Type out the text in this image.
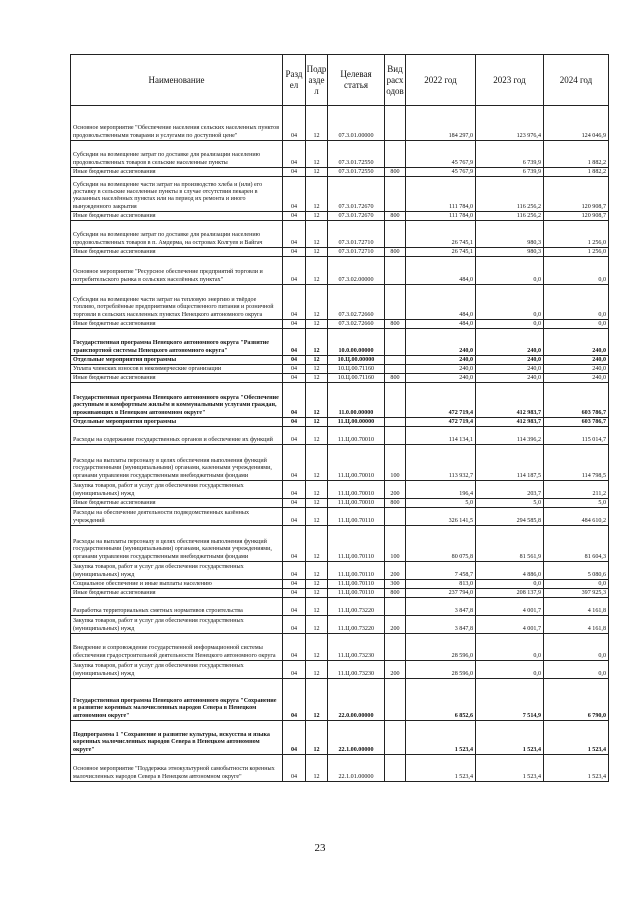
Наименование	Разд ел	Подр азде л	Целевая статья	Вид расх одов	2022 год	2023 год	2024 год
Основное мероприятие "Обеспечение населения сельских населенных пунктов продовольственными товарами и услугами по доступной цене"	04	12	07.3.01.00000		184 297,0	123 976,4	124 046,9
Субсидии на возмещение затрат по доставке для реализации населению продовольственных товаров в сельские населенные пункты	04	12	07.3.01.72550		45 767,9	6 739,9	1 882,2
Иные бюджетные ассигнования	04	12	07.3.01.72550	800	45 767,9	6 739,9	1 882,2
Субсидии на возмещение части затрат на производство хлеба и (или) его доставку в сельские населенные пункты в случае отсутствия пекарен в указанных населённых пунктах или на период их ремонта и иного вынужденного закрытия	04	12	07.3.01.72670		111 784,0	116 256,2	120 908,7
Иные бюджетные ассигнования	04	12	07.3.01.72670	800	111 784,0	116 256,2	120 908,7
Субсидии на возмещение затрат по доставке для реализации населению продовольственных товаров в п. Амдерма, на островах Колгуев и Вайгач	04	12	07.3.01.72710		26 745,1	980,3	1 256,0
Иные бюджетные ассигнования	04	12	07.3.01.72710	800	26 745,1	980,3	1 256,0
Основное мероприятие "Ресурсное обеспечение предприятий торговли и потребительского рынка в сельских населённых пунктах"	04	12	07.3.02.00000		484,0	0,0	0,0
Субсидии на возмещение части затрат на тепловую энергию и твёрдое топливо, потреблённые предприятиями общественного питания и розничной торговли в сельских населенных пунктах Ненецкого автономного округа	04	12	07.3.02.72660		484,0	0,0	0,0
Иные бюджетные ассигнования	04	12	07.3.02.72660	800	484,0	0,0	0,0
Государственная программа Ненецкого автономного округа "Развитие транспортной системы Ненецкого автономного округа"	04	12	10.0.00.00000		240,0	240,0	240,0
Отдельные мероприятия программы	04	12	10.Ц.00.00000		240,0	240,0	240,0
Уплата членских взносов в некоммерческие организации	04	12	10.Ц.00.71160		240,0	240,0	240,0
Иные бюджетные ассигнования	04	12	10.Ц.00.71160	800	240,0	240,0	240,0
Государственная программа Ненецкого автономного округа "Обеспечение доступным и комфортным жильём и коммунальными услугами граждан, проживающих в Ненецком автономном округе"	04	12	11.0.00.00000		472 719,4	412 983,7	603 786,7
Отдельные мероприятия программы	04	12	11.Ц.00.00000		472 719,4	412 983,7	603 786,7
Расходы на содержание государственных органов и обеспечение их функций	04	12	11.Ц.00.70010		114 134,1	114 396,2	115 014,7
Расходы на выплаты персоналу в целях обеспечения выполнения функций государственными (муниципальными) органами, казенными учреждениями, органами управления государственными внебюджетными фондами	04	12	11.Ц.00.70010	100	113 932,7	114 187,5	114 798,5
Закупка товаров, работ и услуг для обеспечения государственных (муниципальных) нужд	04	12	11.Ц.00.70010	200	196,4	203,7	211,2
Иные бюджетные ассигнования	04	12	11.Ц.00.70010	800	5,0	5,0	5,0
Расходы на обеспечение деятельности подведомственных казённых учреждений	04	12	11.Ц.00.70110		326 141,5	294 585,8	484 610,2
Расходы на выплаты персоналу в целях обеспечения выполнения функций государственными (муниципальными) органами, казенными учреждениями, органами управления государственными внебюджетными фондами	04	12	11.Ц.00.70110	100	80 075,8	81 561,9	81 604,3
Закупка товаров, работ и услуг для обеспечения государственных (муниципальных) нужд	04	12	11.Ц.00.70110	200	7 458,7	4 886,0	5 080,6
Социальное обеспечение и иные выплаты населению	04	12	11.Ц.00.70110	300	813,0	0,0	0,0
Иные бюджетные ассигнования	04	12	11.Ц.00.70110	800	237 794,0	208 137,9	397 925,3
Разработка территориальных сметных нормативов строительства	04	12	11.Ц.00.73220		3 847,8	4 001,7	4 161,8
Закупка товаров, работ и услуг для обеспечения государственных (муниципальных) нужд	04	12	11.Ц.00.73220	200	3 847,8	4 001,7	4 161,8
Внедрение и сопровождение государственной информационной системы обеспечения градостроительной деятельности Ненецкого автономного округа	04	12	11.Ц.00.73230		28 596,0	0,0	0,0
Закупка товаров, работ и услуг для обеспечения государственных (муниципальных) нужд	04	12	11.Ц.00.73230	200	28 596,0	0,0	0,0
Государственная программа Ненецкого автономного округа "Сохранение и развитие коренных малочисленных народов Севера в Ненецком автономном округе"	04	12	22.0.00.00000		6 852,6	7 514,9	6 790,0
Подпрограмма 1 "Сохранение и развитие культуры, искусства и языка коренных малочисленных народов Севера в Ненецком автономном округе"	04	12	22.1.00.00000		1 523,4	1 523,4	1 523,4
Основное мероприятие "Поддержка этнокультурной самобытности коренных малочисленных народов Севера в Ненецком автономном округе"	04	12	22.1.01.00000		1 523,4	1 523,4	1 523,4
23
